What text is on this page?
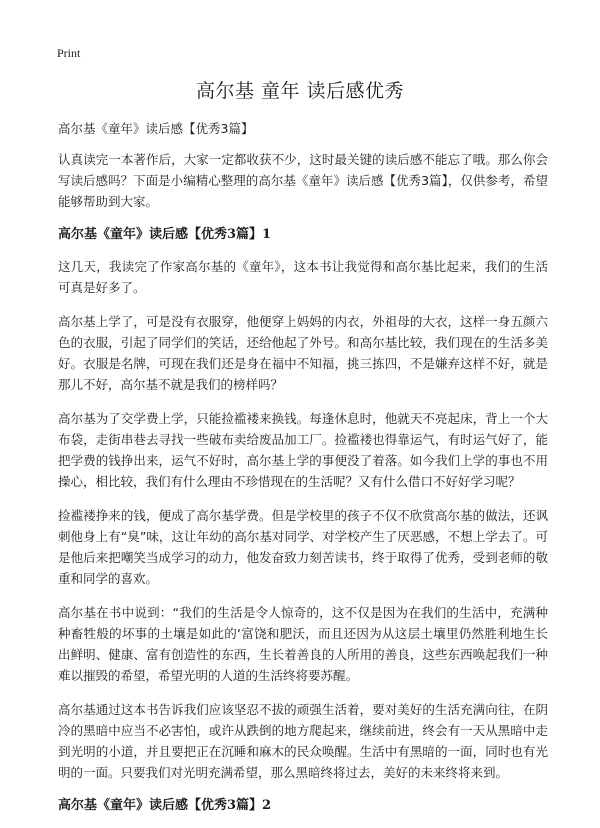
Print
高尔基 童年 读后感优秀
高尔基《童年》读后感【优秀3篇】

认真读完一本著作后，大家一定都收获不少，这时最关键的读后感不能忘了哦。那么你会写读后感吗？下面是小编精心整理的高尔基《童年》读后感【优秀3篇】，仅供参考，希望能够帮助到大家。

高尔基《童年》读后感【优秀3篇】1

这几天，我读完了作家高尔基的《童年》，这本书让我觉得和高尔基比起来，我们的生活可真是好多了。

高尔基上学了，可是没有衣服穿，他便穿上妈妈的内衣，外祖母的大衣，这样一身五颜六色的衣服，引起了同学们的笑话，还给他起了外号。和高尔基比较，我们现在的生活多美好。衣服是名牌，可现在我们还是身在福中不知福，挑三拣四，不是嫌弃这样不好，就是那儿不好，高尔基不就是我们的榜样吗？

高尔基为了交学费上学，只能捡褴褛来换钱。每逢休息时，他就天不亮起床，背上一个大布袋，走街串巷去寻找一些破布卖给废品加工厂。捡褴褛也得靠运气，有时运气好了，能把学费的钱挣出来，运气不好时，高尔基上学的事便没了着落。如今我们上学的事也不用操心，相比较，我们有什么理由不珍惜现在的生活呢？又有什么借口不好好学习呢？

捡褴褛挣来的钱，便成了高尔基学费。但是学校里的孩子不仅不欣赏高尔基的做法，还讽刺他身上有“臭”味，这让年幼的高尔基对同学、对学校产生了厌恶感，不想上学去了。可是他后来把嘲笑当成学习的动力，他发奋致力刻苦读书，终于取得了优秀，受到老师的敬重和同学的喜欢。

高尔基在书中说到：“我们的生活是令人惊奇的，这不仅是因为在我们的生活中，充满种种畜牲般的坏事的土壤是如此的‘富饶和肥沃，而且还因为从这层土壤里仍然胜利地生长出鲜明、健康、富有创造性的东西，生长着善良的人所用的善良，这些东西唤起我们一种难以摧毁的希望，希望光明的人道的生活终将要苏醒。

高尔基通过这本书告诉我们应该坚忍不拔的顽强生活着，要对美好的生活充满向往，在阴冷的黑暗中应当不必害怕，或许从跌倒的地方爬起来，继续前进，终会有一天从黑暗中走到光明的小道，并且要把正在沉睡和麻木的民众唤醒。生活中有黑暗的一面，同时也有光明的一面。只要我们对光明充满希望，那么黑暗终将过去，美好的未来终将来到。

高尔基《童年》读后感【优秀3篇】2
